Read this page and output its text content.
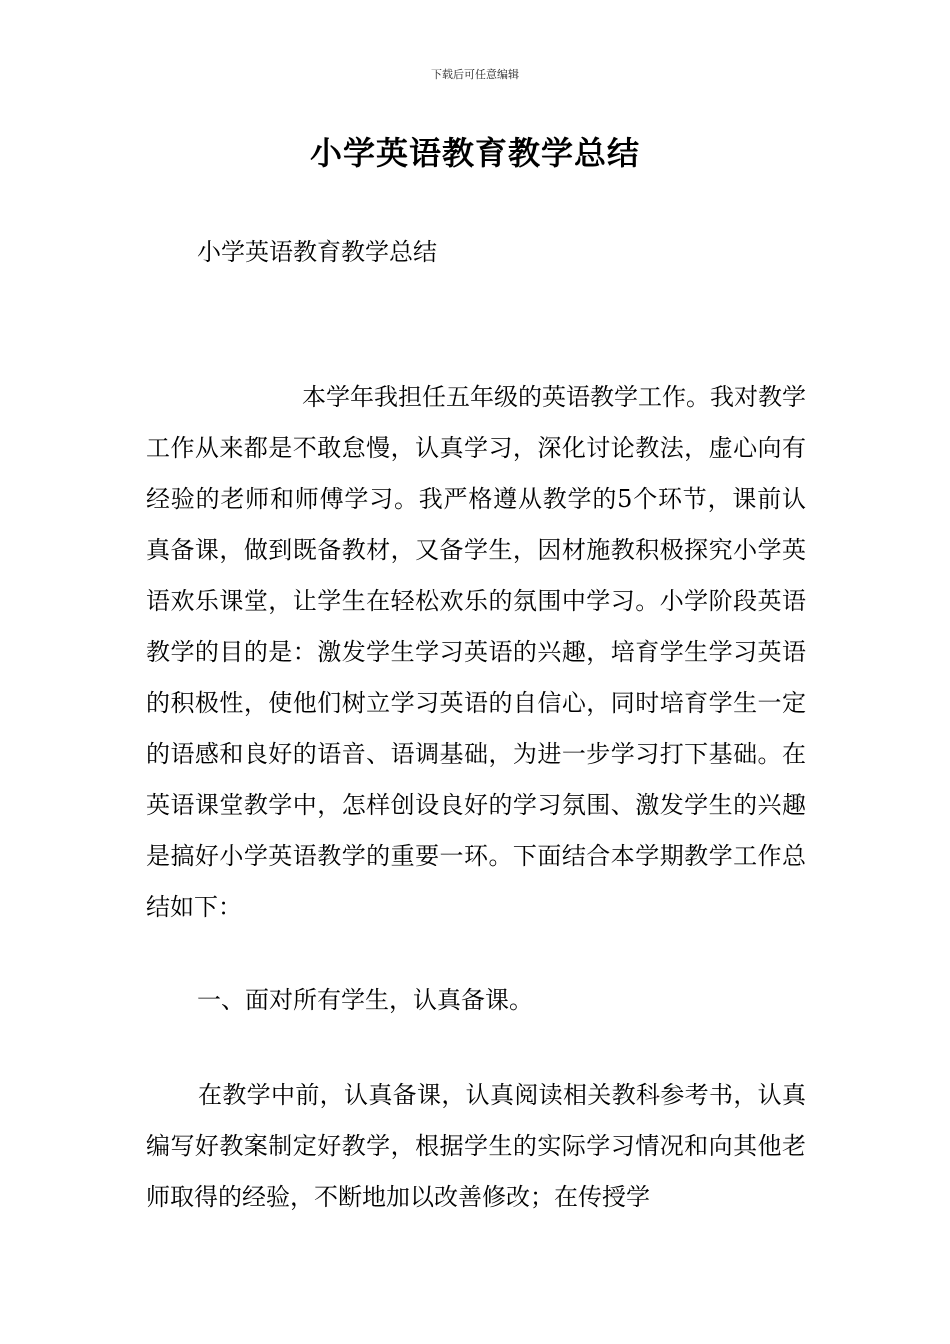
下载后可任意编辑
小学英语教育教学总结

小学英语教育教学总结

本学年我担任五年级的英语教学工作。我对教学工作从来都是不敢怠慢，认真学习，深化讨论教法，虚心向有经验的老师和师傅学习。我严格遵从教学的5个环节，课前认真备课，做到既备教材，又备学生，因材施教积极探究小学英语欢乐课堂，让学生在轻松欢乐的氛围中学习。小学阶段英语教学的目的是：激发学生学习英语的兴趣，培育学生学习英语的积极性，使他们树立学习英语的自信心，同时培育学生一定的语感和良好的语音、语调基础，为进一步学习打下基础。在英语课堂教学中，怎样创设良好的学习氛围、激发学生的兴趣是搞好小学英语教学的重要一环。下面结合本学期教学工作总结如下：

一、面对所有学生，认真备课。

在教学中前，认真备课，认真阅读相关教科参考书，认真编写好教案制定好教学，根据学生的实际学习情况和向其他老师取得的经验，不断地加以改善修改；在传授学
